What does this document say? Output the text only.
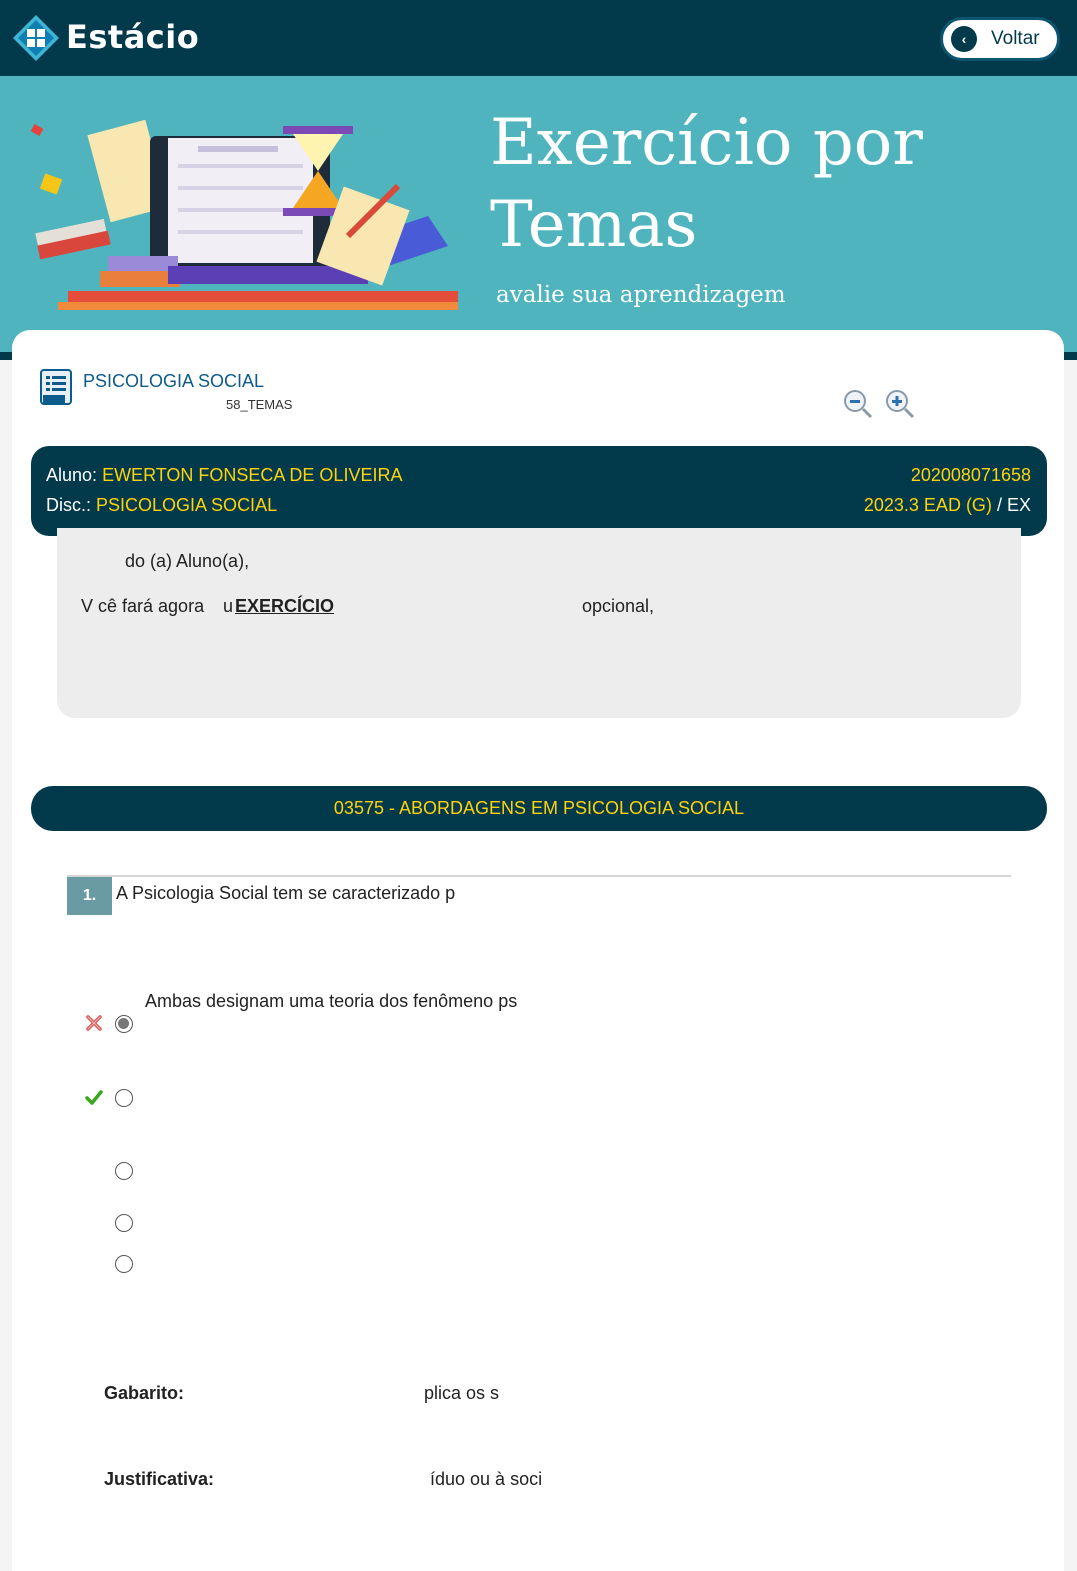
Estácio	‹	Voltar
Exercício por Temas
avalie sua aprendizagem
PSICOLOGIA SOCIAL
58_TEMAS
Aluno: EWERTON FONSECA DE OLIVEIRA	202008071658
Disc.: PSICOLOGIA SOCIAL	2023.3 EAD (G) / EX
do (a) Aluno(a),
V cê fará agora u EXERCÍCIO	opcional,
03575 - ABORDAGENS EM PSICOLOGIA SOCIAL
1.	A Psicologia Social tem se caracterizado p
Ambas designam uma teoria dos fenômeno ps
Gabarito:	plica os s
Justificativa:	íduo ou à soci
